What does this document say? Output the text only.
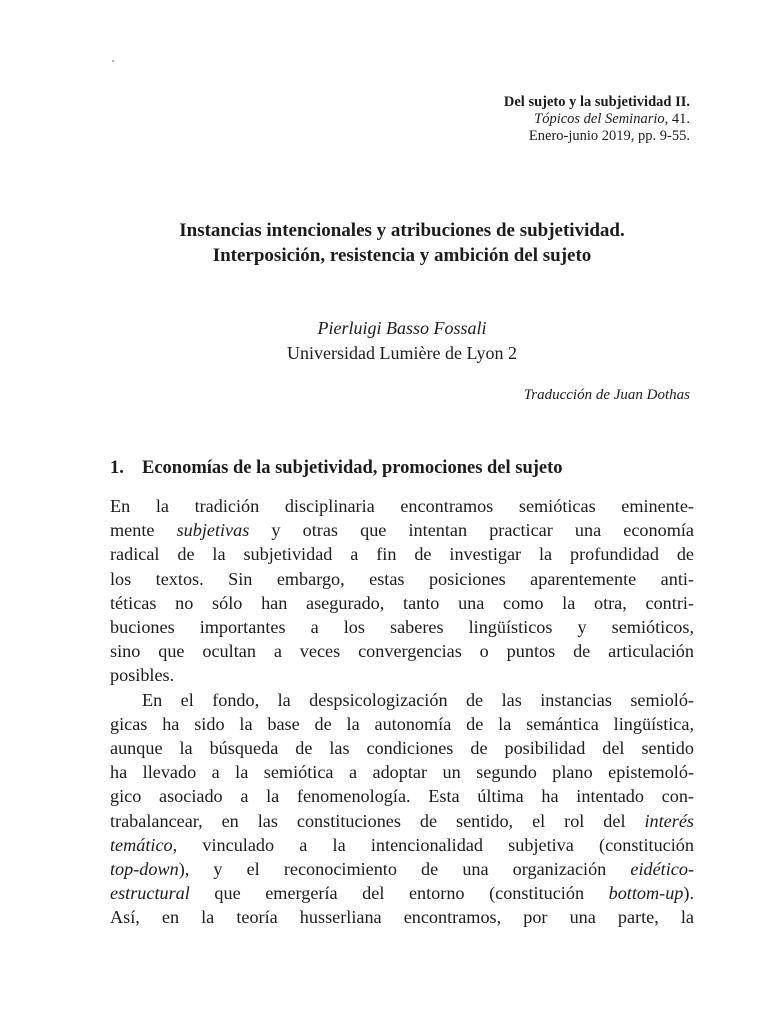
Del sujeto y la subjetividad II.
Tópicos del Seminario, 41.
Enero-junio 2019, pp. 9-55.
Instancias intencionales y atribuciones de subjetividad.
Interposición, resistencia y ambición del sujeto
Pierluigi Basso Fossali
Universidad Lumière de Lyon 2
Traducción de Juan Dothas
1. Economías de la subjetividad, promociones del sujeto

En la tradición disciplinaria encontramos semióticas eminente-
mente subjetivas y otras que intentan practicar una economía
radical de la subjetividad a fin de investigar la profundidad de
los textos. Sin embargo, estas posiciones aparentemente anti-
téticas no sólo han asegurado, tanto una como la otra, contri-
buciones importantes a los saberes lingüísticos y semióticos,
sino que ocultan a veces convergencias o puntos de articulación
posibles.

En el fondo, la despsicologización de las instancias semioló-
gicas ha sido la base de la autonomía de la semántica lingüística,
aunque la búsqueda de las condiciones de posibilidad del sentido
ha llevado a la semiótica a adoptar un segundo plano epistemoló-
gico asociado a la fenomenología. Esta última ha intentado con-
trabalancear, en las constituciones de sentido, el rol del interés
temático, vinculado a la intencionalidad subjetiva (constitución
top-down), y el reconocimiento de una organización eidético-
estructural que emergería del entorno (constitución bottom-up).
Así, en la teoría husserliana encontramos, por una parte, la
